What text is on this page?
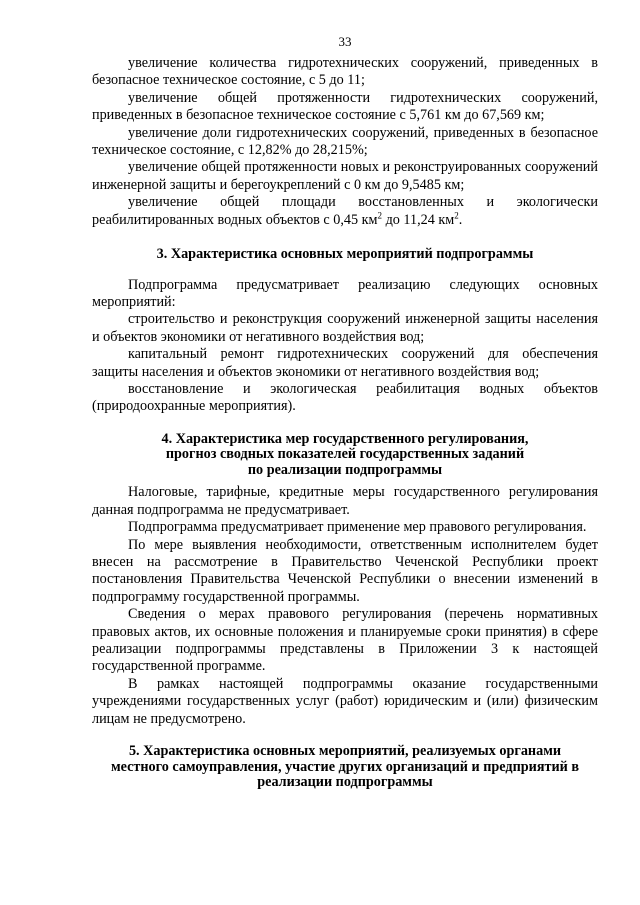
33

увеличение количества гидротехнических сооружений, приведенных в безопасное техническое состояние, с 5 до 11;

увеличение общей протяженности гидротехнических сооружений, приведенных в безопасное техническое состояние с 5,761 км до 67,569 км;

увеличение доли гидротехнических сооружений, приведенных в безопасное техническое состояние, с 12,82% до 28,215%;

увеличение общей протяженности новых и реконструированных сооружений инженерной защиты и берегоукреплений с 0 км до 9,5485 км;

увеличение общей площади восстановленных и экологически реабилитированных водных объектов с 0,45 $км^2$ до 11,24 $км^2$.

3. Характеристика основных мероприятий подпрограммы

Подпрограмма предусматривает реализацию следующих основных мероприятий:

строительство и реконструкция сооружений инженерной защиты населения и объектов экономики от негативного воздействия вод;

капитальный ремонт гидротехнических сооружений для обеспечения защиты населения и объектов экономики от негативного воздействия вод;

восстановление и экологическая реабилитация водных объектов (природоохранные мероприятия).

4. Характеристика мер государственного регулирования,

прогноз сводных показателей государственных заданий

по реализации подпрограммы

Налоговые, тарифные, кредитные меры государственного регулирования данная подпрограмма не предусматривает.

Подпрограмма предусматривает применение мер правового регулирования.

По мере выявления необходимости, ответственным исполнителем будет внесен на рассмотрение в Правительство Чеченской Республики проект постановления Правительства Чеченской Республики о внесении изменений в подпрограмму государственной программы.

Сведения о мерах правового регулирования (перечень нормативных правовых актов, их основные положения и планируемые сроки принятия) в сфере реализации подпрограммы представлены в Приложении 3 к настоящей государственной программе.

В рамках настоящей подпрограммы оказание государственными учреждениями государственных услуг (работ) юридическим и (или) физическим лицам не предусмотрено.

5. Характеристика основных мероприятий, реализуемых органами

местного самоуправления, участие других организаций и предприятий в

реализации подпрограммы
